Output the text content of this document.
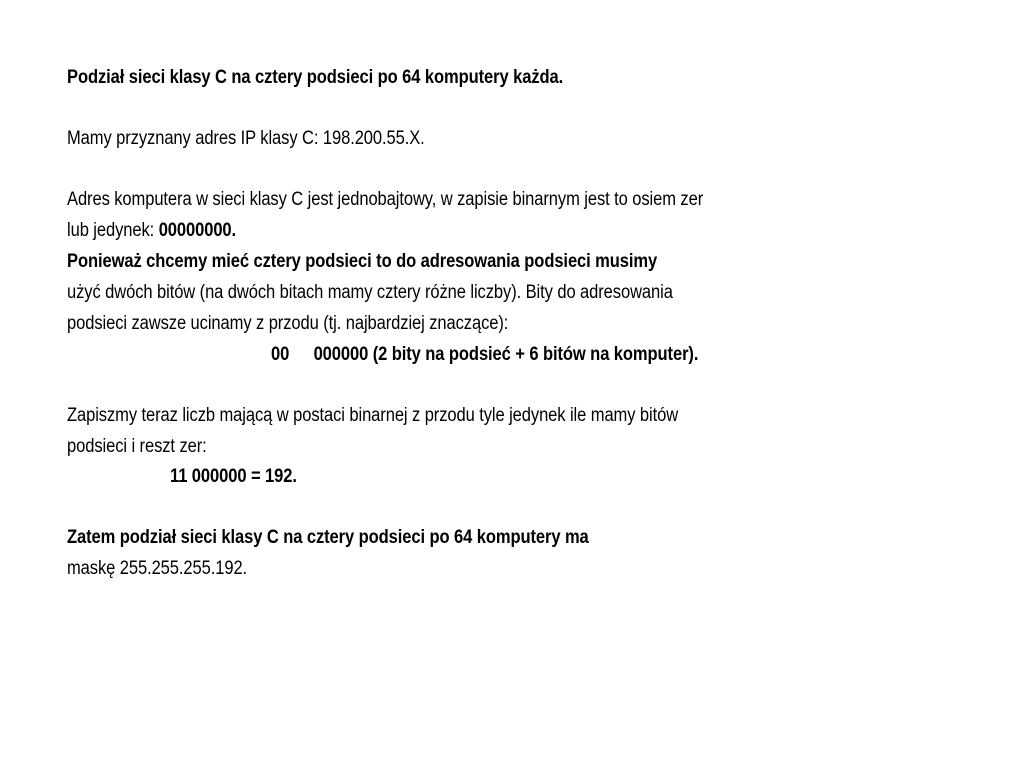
Podział sieci klasy C na cztery podsieci po 64 komputery każda.
Mamy przyznany adres IP klasy C: 198.200.55.X.
Adres komputera w sieci klasy C jest jednobajtowy, w zapisie binarnym jest to osiem zer
lub jedynek: 00000000.
Ponieważ chcemy mieć cztery podsieci to do adresowania podsieci musimy
użyć dwóch bitów (na dwóch bitach mamy cztery różne liczby). Bity do adresowania
podsieci zawsze ucinamy z przodu (tj. najbardziej znaczące):
00 000000 (2 bity na podsieć + 6 bitów na komputer).
Zapiszmy teraz liczb mającą w postaci binarnej z przodu tyle jedynek ile mamy bitów
podsieci i reszt zer:
11 000000 = 192.
Zatem podział sieci klasy C na cztery podsieci po 64 komputery ma
maskę 255.255.255.192.
